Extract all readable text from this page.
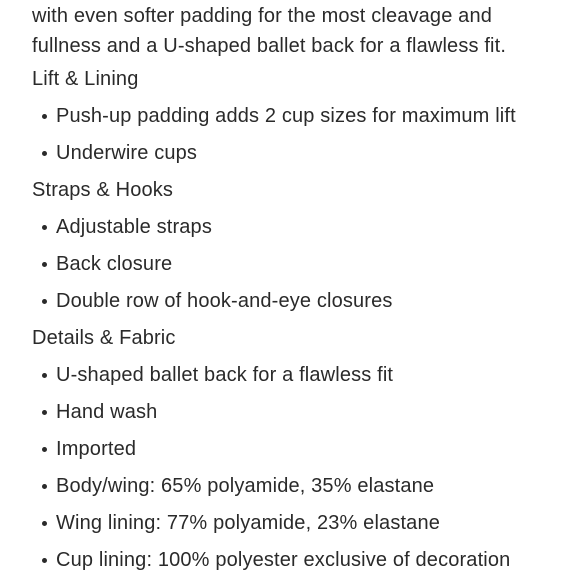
with even softer padding for the most cleavage and
fullness and a U-shaped ballet back for a flawless fit.

Lift & Lining
Push-up padding adds 2 cup sizes for maximum lift
Underwire cups
Straps & Hooks
Adjustable straps
Back closure
Double row of hook-and-eye closures
Details & Fabric
U-shaped ballet back for a flawless fit
Hand wash
Imported
Body/wing: 65% polyamide, 35% elastane
Wing lining: 77% polyamide, 23% elastane
Cup lining: 100% polyester exclusive of decoration
